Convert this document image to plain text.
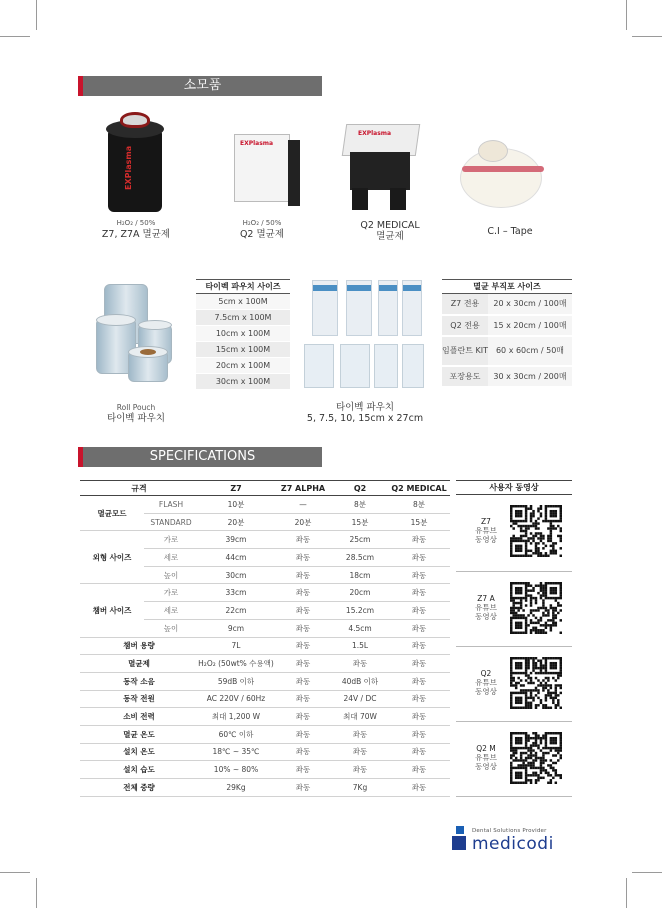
소모품
EXPlasma
H₂O₂ / 50%
Z7, Z7A 멸균제
EXPlasma
H₂O₂ / 50%
Q2 멸균제
EXPlasma
Q2 MEDICAL
멸균제	C.I – Tape
Roll Pouch
타이벡 파우치
타이벡 파우치 사이즈
5cm x 100M
7.5cm x 100M
10cm x 100M
15cm x 100M
20cm x 100M
30cm x 100M
타이벡 파우치
5, 7.5, 10, 15cm x 27cm
멸균 부직포 사이즈	
Z7 전용	20 x 30cm / 100매
Q2 전용	15 x 20cm / 100매
임플란트 KIT	60 x 60cm / 50매
포장용도	30 x 30cm / 200매
SPECIFICATIONS
규격		Z7	Z7 ALPHA	Q2	Q2 MEDICAL
멸균모드	FLASH	10분	—	8분	8분
	STANDARD	20분	20분	15분	15분
외형 사이즈	가로	39cm	좌동	25cm	좌동
	세로	44cm	좌동	28.5cm	좌동
	높이	30cm	좌동	18cm	좌동
챔버 사이즈	가로	33cm	좌동	20cm	좌동
	세로	22cm	좌동	15.2cm	좌동
	높이	9cm	좌동	4.5cm	좌동
챔버 용량		7L	좌동	1.5L	좌동
멸균제		H₂O₂ (50wt% 수용액)	좌동	좌동	좌동
동작 소음		59dB 이하	좌동	40dB 이하	좌동
동작 전원		AC 220V / 60Hz	좌동	24V / DC	좌동
소비 전력		최대 1,200 W	좌동	최대 70W	좌동
멸균 온도		60℃ 이하	좌동	좌동	좌동
설치 온도		18℃ ~ 35℃	좌동	좌동	좌동
설치 습도		10% ~ 80%	좌동	좌동	좌동
전체 중량		29Kg	좌동	7Kg	좌동
사용자 동영상
Z7
유튜브
동영상
Z7 A
유튜브
동영상
Q2
유튜브
동영상
Q2 M
유튜브
동영상
Dental Solutions Provider
medicodi
